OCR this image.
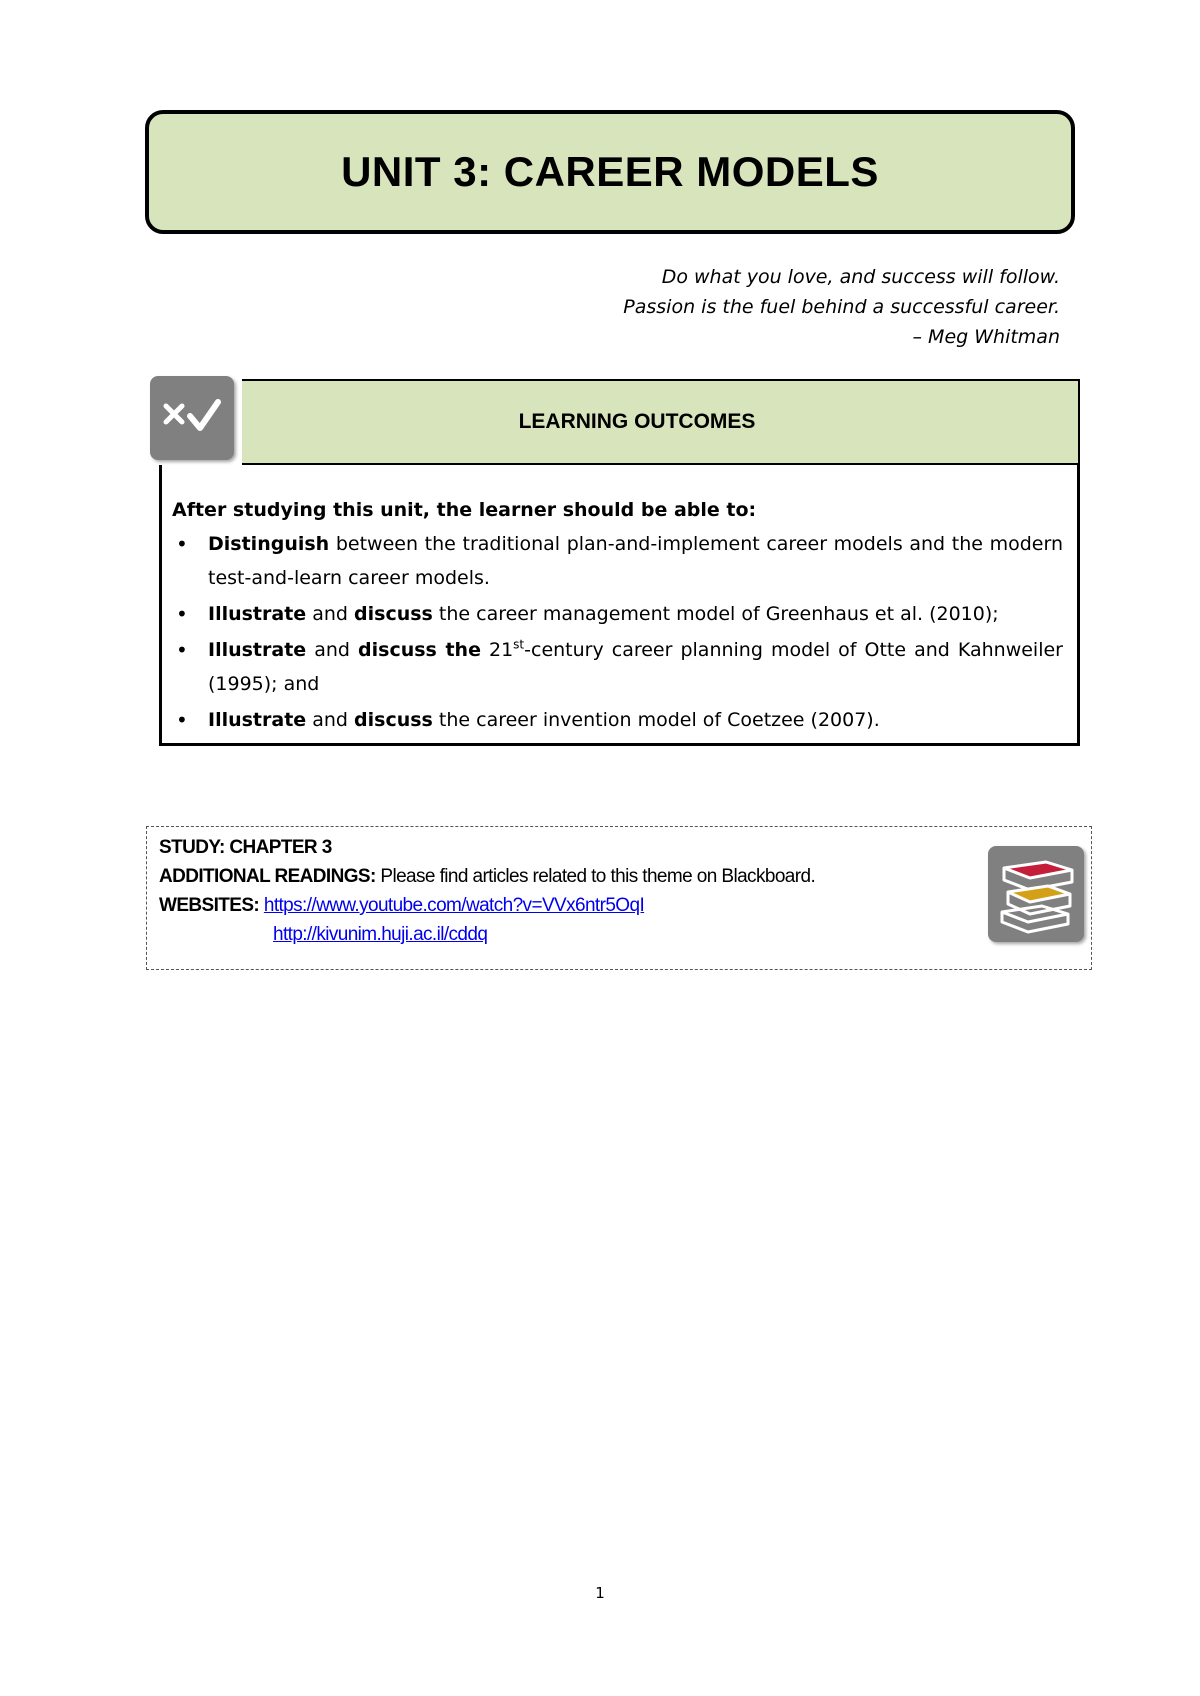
UNIT 3: CAREER MODELS
Do what you love, and success will follow.
Passion is the fuel behind a successful career.
– Meg Whitman
LEARNING OUTCOMES
After studying this unit, the learner should be able to:
• Distinguish between the traditional plan-and-implement career models and the modern test-and-learn career models.
• Illustrate and discuss the career management model of Greenhaus et al. (2010);
• Illustrate and discuss the 21st-century career planning model of Otte and Kahnweiler (1995); and
• Illustrate and discuss the career invention model of Coetzee (2007).
STUDY: CHAPTER 3
ADDITIONAL READINGS: Please find articles related to this theme on Blackboard.
WEBSITES: https://www.youtube.com/watch?v=VVx6ntr5OqI
http://kivunim.huji.ac.il/cddq
1
